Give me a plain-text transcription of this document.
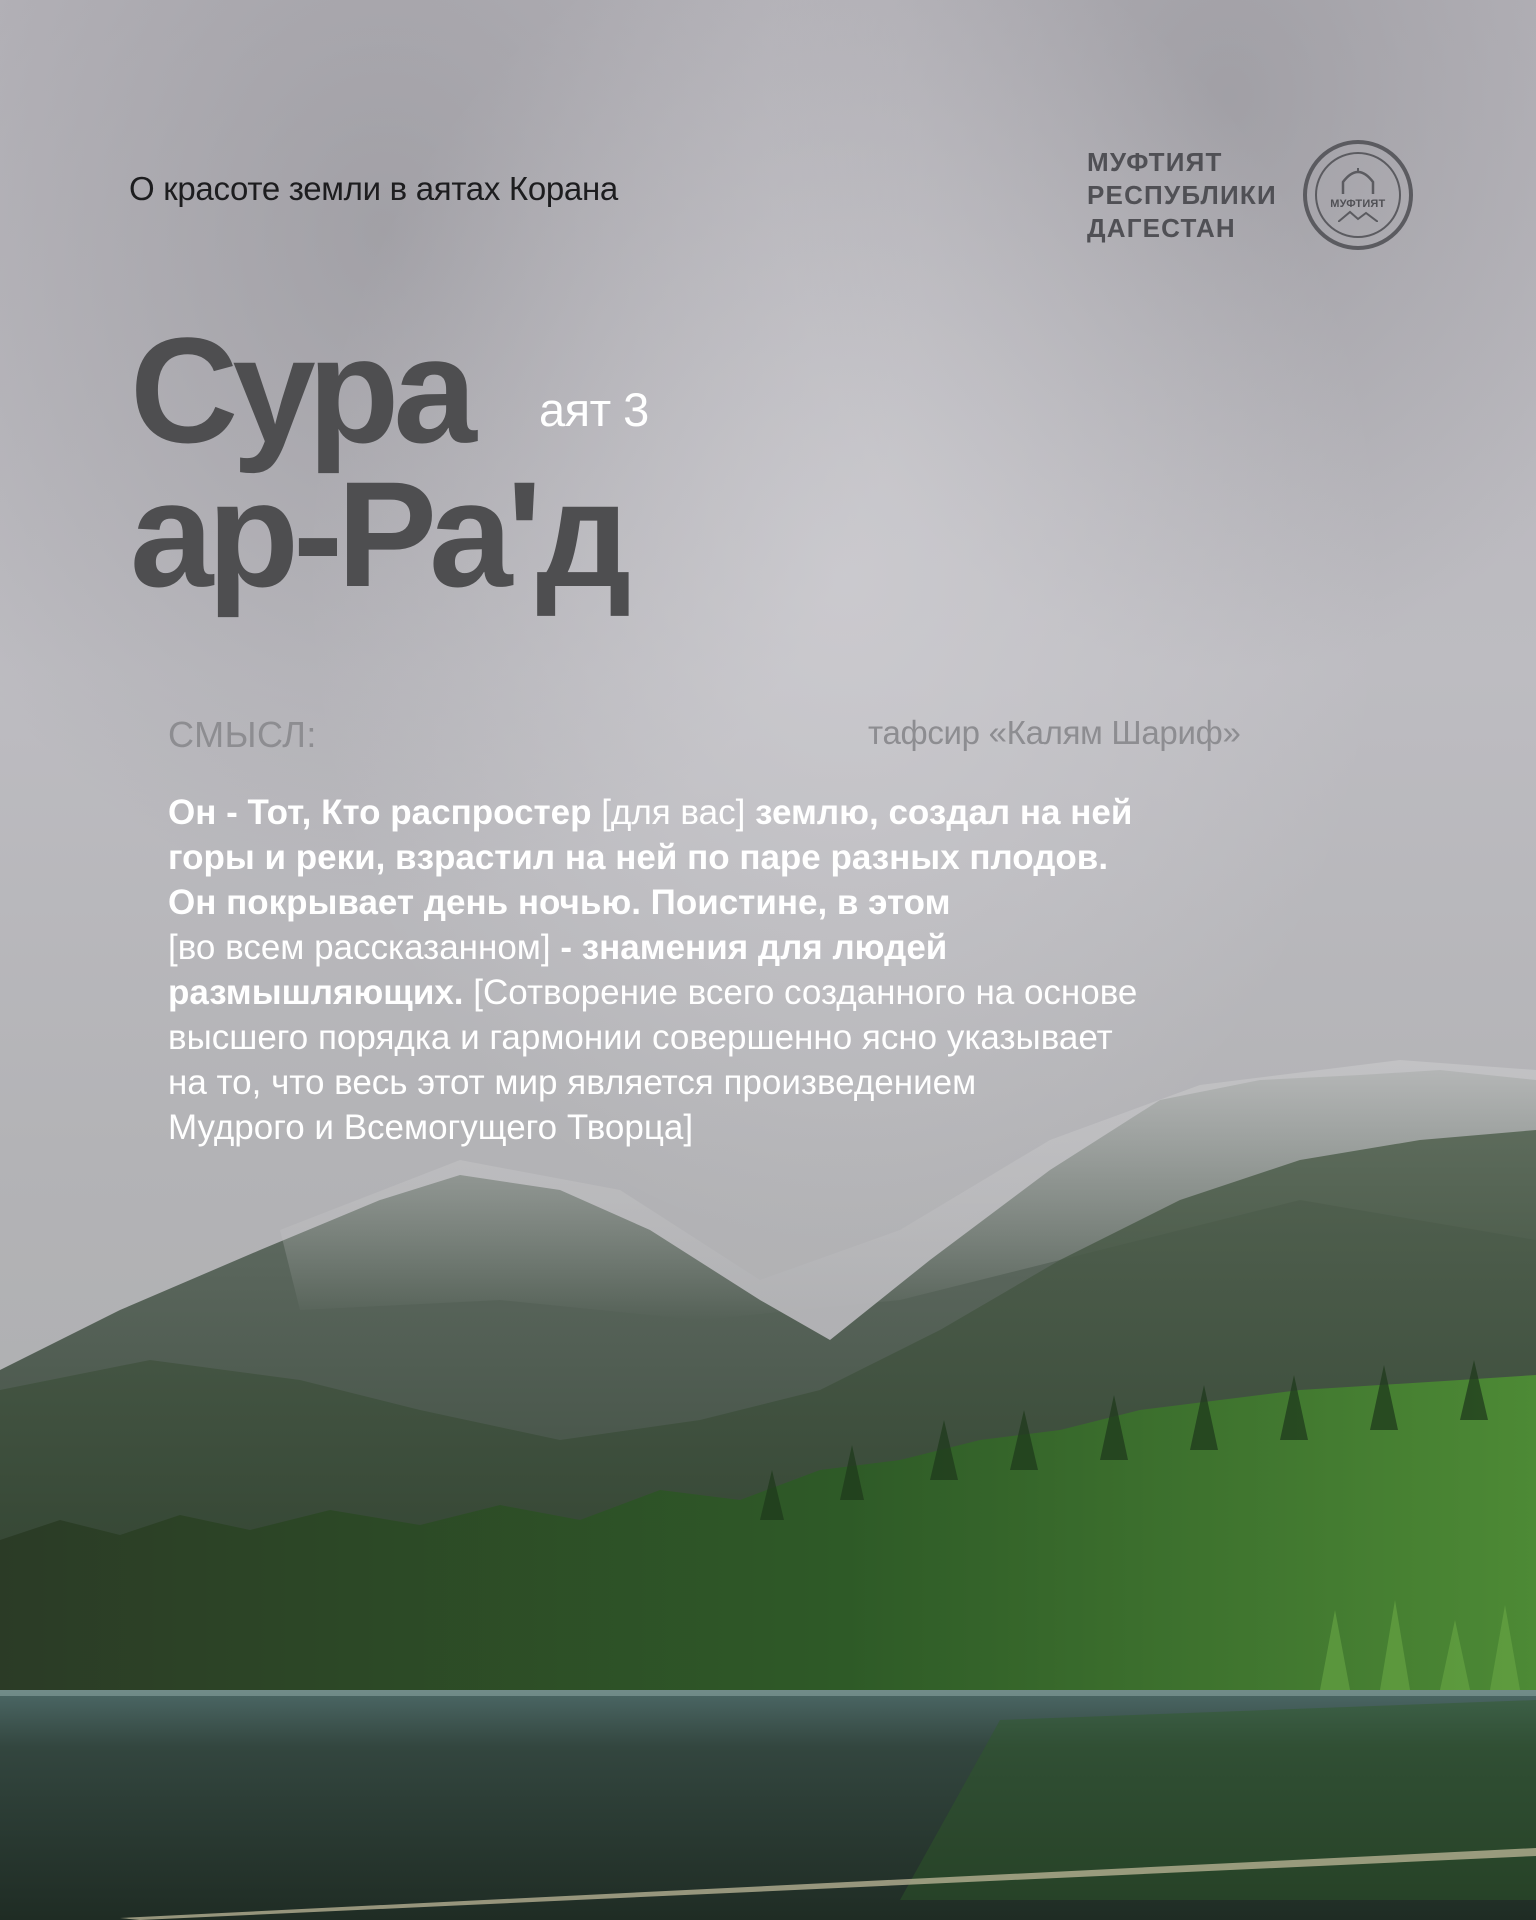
О красоте земли в аятах Корана
МУФТИЯТ
РЕСПУБЛИКИ
ДАГЕСТАН
МУФТИЯТ
Сура
ар-Ра'д
аят 3
СМЫСЛ:	тафсир «Калям Шариф»
Он - Тот, Кто распростер [для вас] землю, создал на ней
горы и реки, взрастил на ней по паре разных плодов.
Он покрывает день ночью. Поистине, в этом
[во всем рассказанном] - знамения для людей
размышляющих. [Сотворение всего созданного на основе
высшего порядка и гармонии совершенно ясно указывает
на то, что весь этот мир является произведением
Мудрого и Всемогущего Творца]
